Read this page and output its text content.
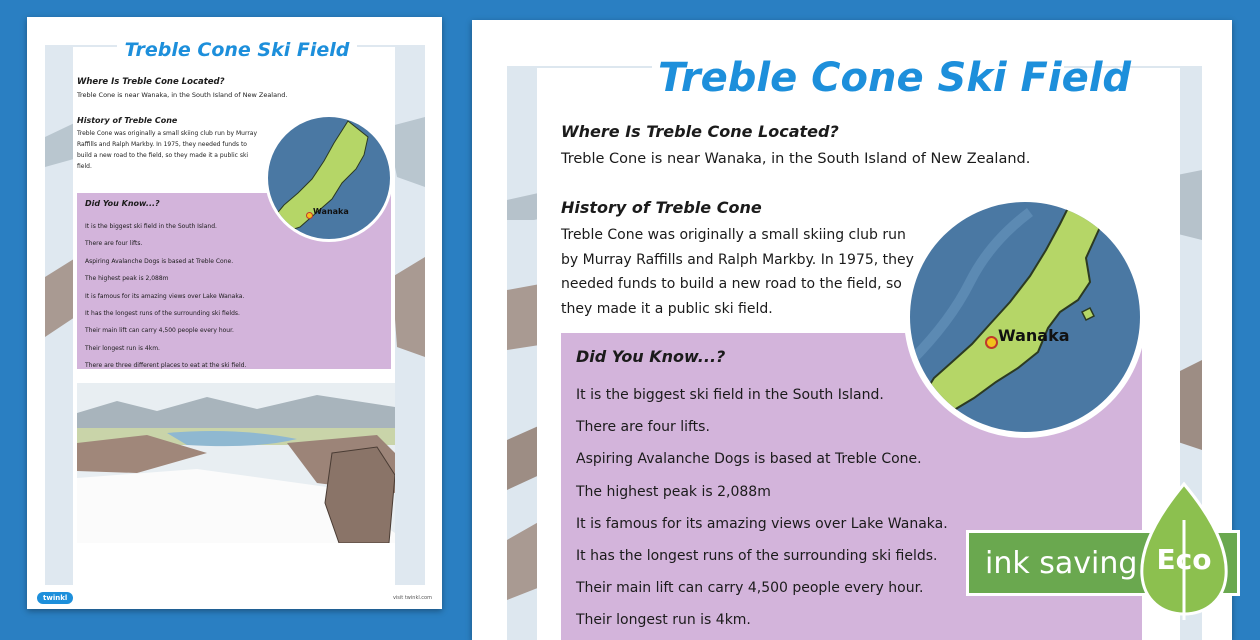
Treble Cone Ski Field
Where Is Treble Cone Located?
Treble Cone is near Wanaka, in the South Island of New Zealand.
History of Treble Cone
Treble Cone was originally a small skiing club run by Murray Raffills and Ralph Markby. In 1975, they needed funds to build a new road to the field, so they made it a public ski field.
Did You Know...?
It is the biggest ski field in the South Island.
There are four lifts.
Aspiring Avalanche Dogs is based at Treble Cone.
The highest peak is 2,088m
It is famous for its amazing views over Lake Wanaka.
It has the longest runs of the surrounding ski fields.
Their main lift can carry 4,500 people every hour.
Their longest run is 4km.
There are three different places to eat at the ski field.
Wanaka
twinkl	visit twinkl.com
Treble Cone Ski Field
Where Is Treble Cone Located?
Treble Cone is near Wanaka, in the South Island of New Zealand.
History of Treble Cone
Treble Cone was originally a small skiing club run by Murray Raffills and Ralph Markby. In 1975, they needed funds to build a new road to the field, so they made it a public ski field.
Did You Know...?
It is the biggest ski field in the South Island.
There are four lifts.
Aspiring Avalanche Dogs is based at Treble Cone.
The highest peak is 2,088m
It is famous for its amazing views over Lake Wanaka.
It has the longest runs of the surrounding ski fields.
Their main lift can carry 4,500 people every hour.
Their longest run is 4km.
Wanaka
ink saving Eco
